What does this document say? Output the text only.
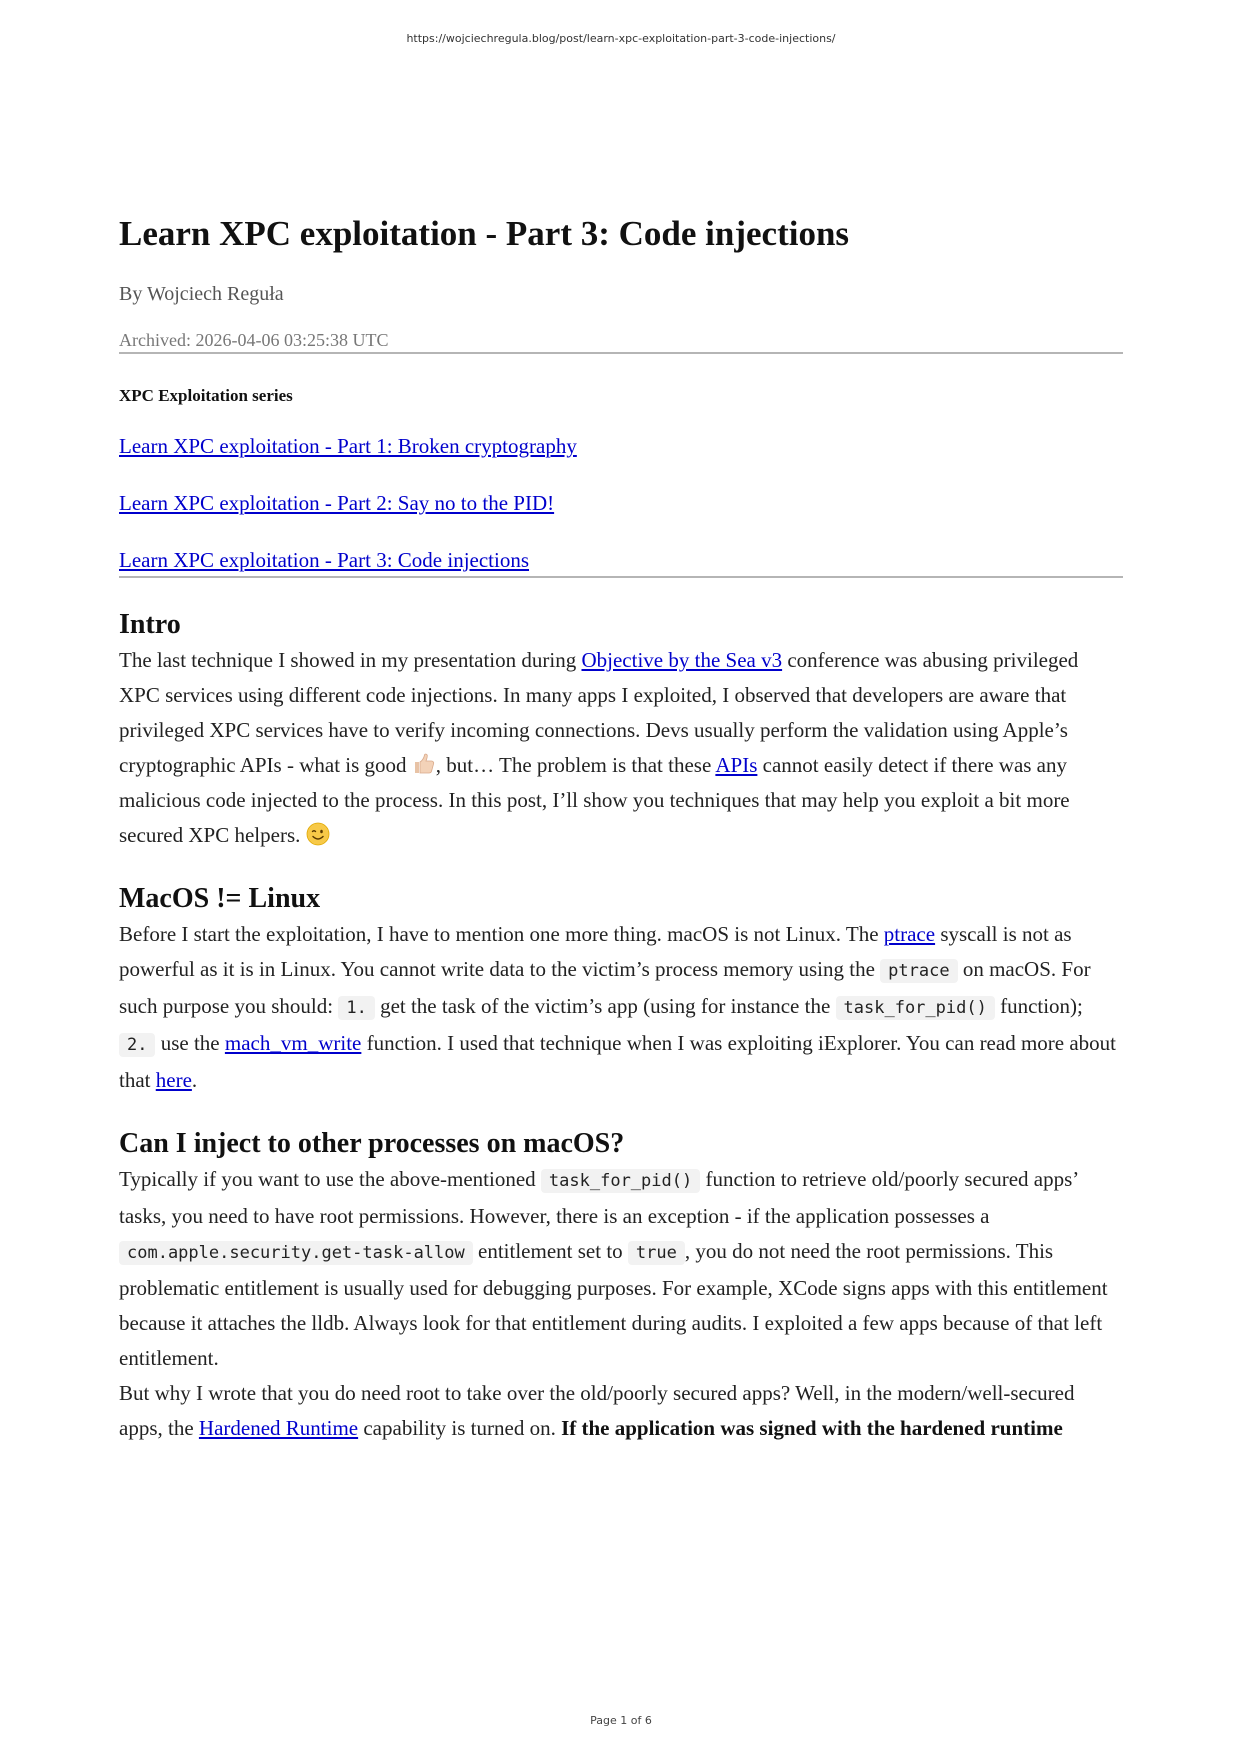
https://wojciechregula.blog/post/learn-xpc-exploitation-part-3-code-injections/
Learn XPC exploitation - Part 3: Code injections
By Wojciech Reguła
Archived: 2026-04-06 03:25:38 UTC
XPC Exploitation series
Learn XPC exploitation - Part 1: Broken cryptography
Learn XPC exploitation - Part 2: Say no to the PID!
Learn XPC exploitation - Part 3: Code injections
Intro

The last technique I showed in my presentation during Objective by the Sea v3 conference was abusing privileged XPC services using different code injections. In many apps I exploited, I observed that developers are aware that privileged XPC services have to verify incoming connections. Devs usually perform the validation using Apple’s cryptographic APIs - what is good , but… The problem is that these APIs cannot easily detect if there was any malicious code injected to the process. In this post, I’ll show you techniques that may help you exploit a bit more secured XPC helpers.

MacOS != Linux

Before I start the exploitation, I have to mention one more thing. macOS is not Linux. The ptrace syscall is not as powerful as it is in Linux. You cannot write data to the victim’s process memory using the ptrace on macOS. For such purpose you should: 1. get the task of the victim’s app (using for instance the task_for_pid() function); 2. use the mach_vm_write function. I used that technique when I was exploiting iExplorer. You can read more about that here.

Can I inject to other processes on macOS?

Typically if you want to use the above-mentioned task_for_pid() function to retrieve old/poorly secured apps’ tasks, you need to have root permissions. However, there is an exception - if the application possesses a com.apple.security.get-task-allow entitlement set to true , you do not need the root permissions. This problematic entitlement is usually used for debugging purposes. For example, XCode signs apps with this entitlement because it attaches the lldb. Always look for that entitlement during audits. I exploited a few apps because of that left entitlement.

But why I wrote that you do need root to take over the old/poorly secured apps? Well, in the modern/well-secured apps, the Hardened Runtime capability is turned on. If the application was signed with the hardened runtime

Page 1 of 6
